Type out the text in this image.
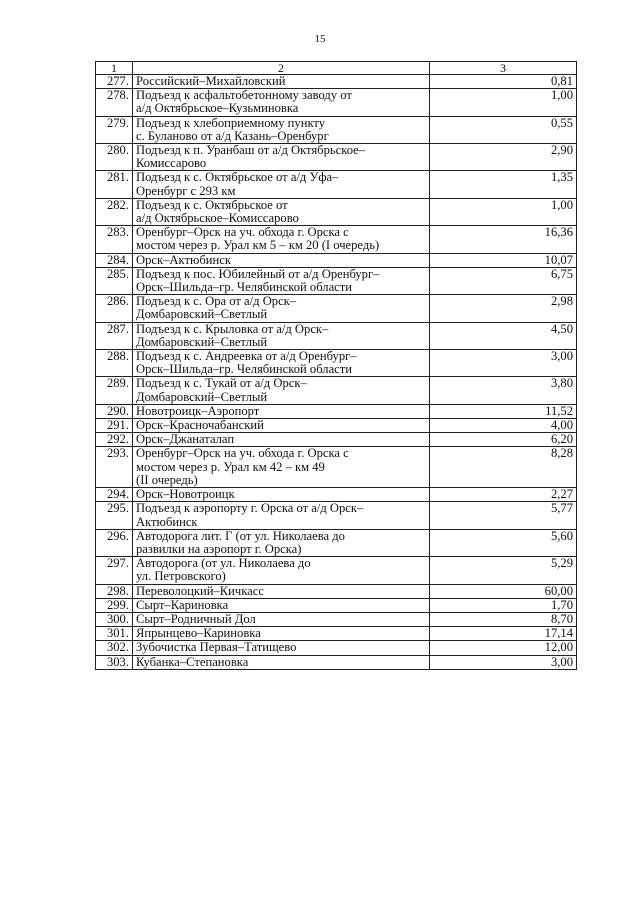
15
1	2	3
277.	Российский–Михайловский	0,81

278.	Подъезд к асфальтобетонному заводу от
а/д Октябрьское–Кузьминовка	1,00

279.	Подъезд к хлебоприемному пункту
с. Буланово от а/д Казань–Оренбург	0,55

280.	Подъезд к п. Уранбаш от а/д Октябрьское–
Комиссарово	2,90

281.	Подъезд к с. Октябрьское от а/д Уфа–
Оренбург с 293 км	1,35

282.	Подъезд к с. Октябрьское от
а/д Октябрьское–Комиссарово	1,00

283.	Оренбург–Орск на уч. обхода г. Орска с
мостом через р. Урал км 5 – км 20 (I очередь)	16,36

284.	Орск–Актюбинск	10,07

285.	Подъезд к пос. Юбилейный от а/д Оренбург–
Орск–Шильда–гр. Челябинской области	6,75

286.	Подъезд к с. Ора от а/д Орск–
Домбаровский–Светлый	2,98

287.	Подъезд к с. Крыловка от а/д Орск–
Домбаровский–Светлый	4,50

288.	Подъезд к с. Андреевка от а/д Оренбург–
Орск–Шильда–гр. Челябинской области	3,00

289.	Подъезд к с. Тукай от а/д Орск–
Домбаровский–Светлый	3,80

290.	Новотроицк–Аэропорт	11,52

291.	Орск–Красночабанский	4,00

292.	Орск–Джанаталап	6,20

293.	Оренбург–Орск на уч. обхода г. Орска с
мостом через р. Урал км 42 – км 49
(II очередь)	8,28

294.	Орск–Новотроицк	2,27

295.	Подъезд к аэропорту г. Орска от а/д Орск–
Актюбинск	5,77

296.	Автодорога лит. Г (от ул. Николаева до
развилки на аэропорт г. Орска)	5,60

297.	Автодорога (от ул. Николаева до
ул. Петровского)	5,29

298.	Переволоцкий–Кичкасс	60,00

299.	Сырт–Кариновка	1,70

300.	Сырт–Родничный Дол	8,70

301.	Япрынцево–Кариновка	17,14

302.	Зубочистка Первая–Татищево	12,00

303.	Кубанка–Степановка	3,00
